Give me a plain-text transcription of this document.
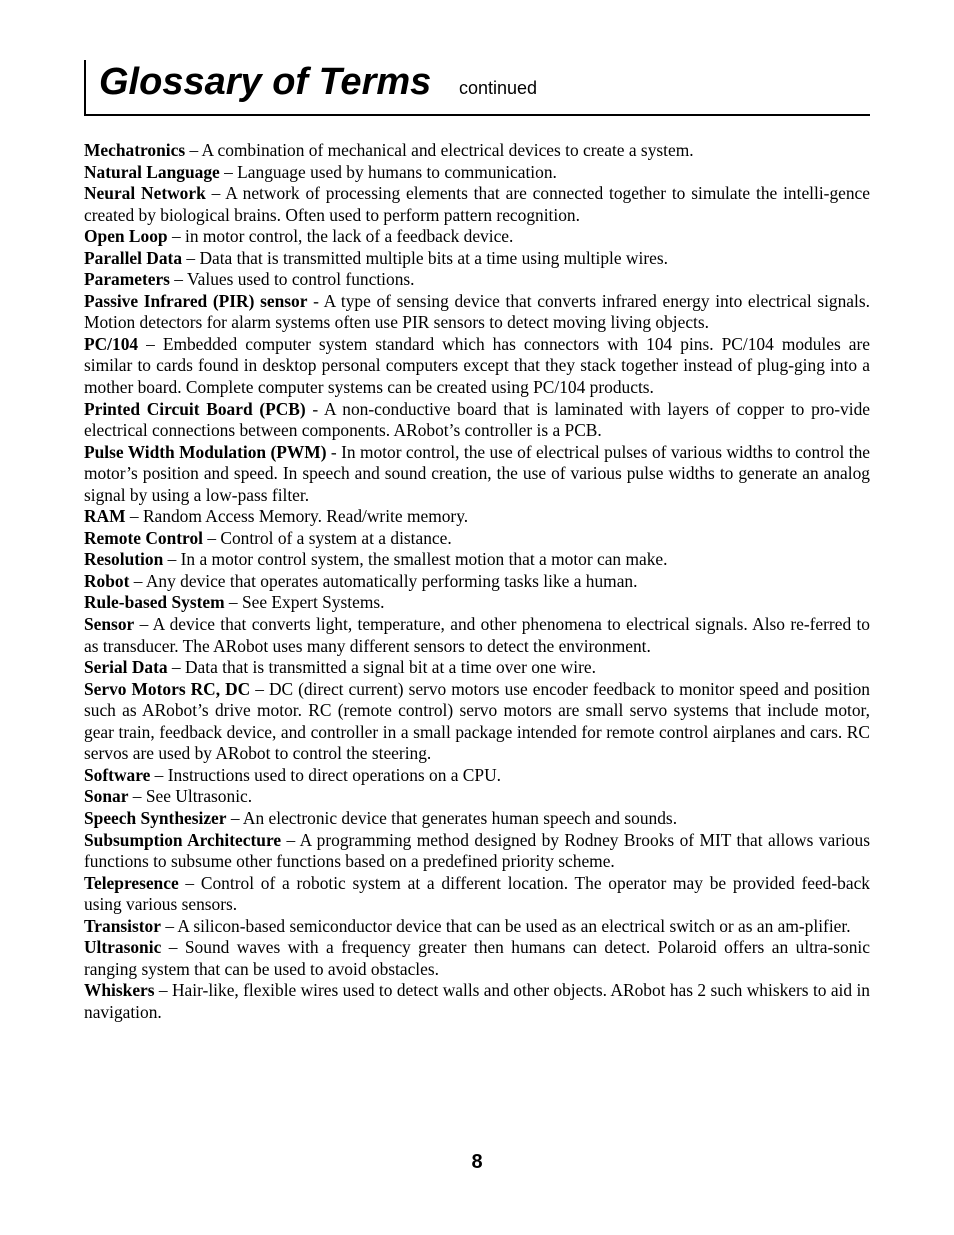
Glossary of Terms continued

Mechatronics – A combination of mechanical and electrical devices to create a system.

Natural Language – Language used by humans to communication.

Neural Network – A network of processing elements that are connected together to simulate the intelli-gence created by biological brains. Often used to perform pattern recognition.

Open Loop – in motor control, the lack of a feedback device.

Parallel Data – Data that is transmitted multiple bits at a time using multiple wires.

Parameters – Values used to control functions.

Passive Infrared (PIR) sensor - A type of sensing device that converts infrared energy into electrical signals. Motion detectors for alarm systems often use PIR sensors to detect moving living objects.

PC/104 – Embedded computer system standard which has connectors with 104 pins. PC/104 modules are similar to cards found in desktop personal computers except that they stack together instead of plug-ging into a mother board. Complete computer systems can be created using PC/104 products.

Printed Circuit Board (PCB) - A non-conductive board that is laminated with layers of copper to pro-vide electrical connections between components. ARobot’s controller is a PCB.

Pulse Width Modulation (PWM) - In motor control, the use of electrical pulses of various widths to control the motor’s position and speed. In speech and sound creation, the use of various pulse widths to generate an analog signal by using a low-pass filter.

RAM – Random Access Memory. Read/write memory.

Remote Control – Control of a system at a distance.

Resolution – In a motor control system, the smallest motion that a motor can make.

Robot – Any device that operates automatically performing tasks like a human.

Rule-based System – See Expert Systems.

Sensor – A device that converts light, temperature, and other phenomena to electrical signals. Also re-ferred to as transducer. The ARobot uses many different sensors to detect the environment.

Serial Data – Data that is transmitted a signal bit at a time over one wire.

Servo Motors RC, DC – DC (direct current) servo motors use encoder feedback to monitor speed and position such as ARobot’s drive motor. RC (remote control) servo motors are small servo systems that include motor, gear train, feedback device, and controller in a small package intended for remote control airplanes and cars. RC servos are used by ARobot to control the steering.

Software – Instructions used to direct operations on a CPU.

Sonar – See Ultrasonic.

Speech Synthesizer – An electronic device that generates human speech and sounds.

Subsumption Architecture – A programming method designed by Rodney Brooks of MIT that allows various functions to subsume other functions based on a predefined priority scheme.

Telepresence – Control of a robotic system at a different location. The operator may be provided feed-back using various sensors.

Transistor – A silicon-based semiconductor device that can be used as an electrical switch or as an am-plifier.

Ultrasonic – Sound waves with a frequency greater then humans can detect. Polaroid offers an ultra-sonic ranging system that can be used to avoid obstacles.

Whiskers – Hair-like, flexible wires used to detect walls and other objects. ARobot has 2 such whiskers to aid in navigation.

8
